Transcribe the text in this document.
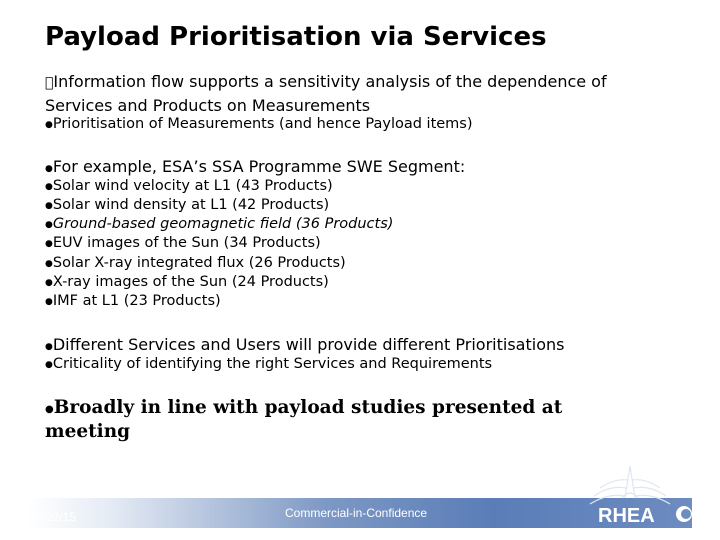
Payload Prioritisation via Services
Information flow supports a sensitivity analysis of the dependence of
Services and Products on Measurements
●Prioritisation of Measurements (and hence Payload items)
●For example, ESA’s SSA Programme SWE Segment:
●Solar wind velocity at L1 (43 Products)
●Solar wind density at L1 (42 Products)
●Ground-based geomagnetic field (36 Products)
●EUV images of the Sun (34 Products)
●Solar X-ray integrated flux (26 Products)
●X-ray images of the Sun (24 Products)
●IMF at L1 (23 Products)
●Different Services and Users will provide different Prioritisations
●Criticality of identifying the right Services and Requirements
●Broadly in line with payload studies presented at
meeting
5/22/15	Commercial-in-Confidence	RHEA
